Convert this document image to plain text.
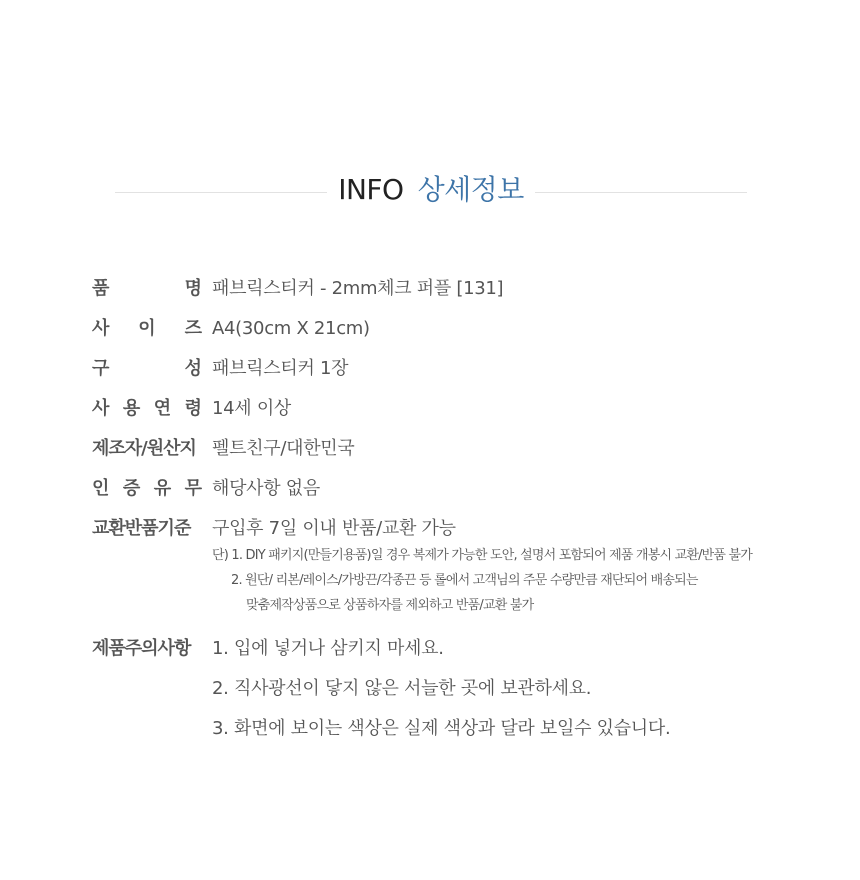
INFO 상세정보
품	명 패브릭스티커 - 2mm체크 퍼플 [131]
사 이 즈 A4(30cm X 21cm)
구	성 패브릭스티커 1장
사 용 연 령 14세 이상
제조자/원산지 펠트친구/대한민국
인 증 유 무 해당사항 없음
교환반품기준	구입후 7일 이내 반품/교환 가능
단) 1. DIY 패키지(만들기용품)일 경우 복제가 가능한 도안, 설명서 포함되어 제품 개봉시 교환/반품 불가
2. 원단/ 리본/레이스/가방끈/각종끈 등 롤에서 고객님의 주문 수량만큼 재단되어 배송되는
맞춤제작상품으로 상품하자를 제외하고 반품/교환 불가
제품주의사항	1. 입에 넣거나 삼키지 마세요.
2. 직사광선이 닿지 않은 서늘한 곳에 보관하세요.
3. 화면에 보이는 색상은 실제 색상과 달라 보일수 있습니다.
